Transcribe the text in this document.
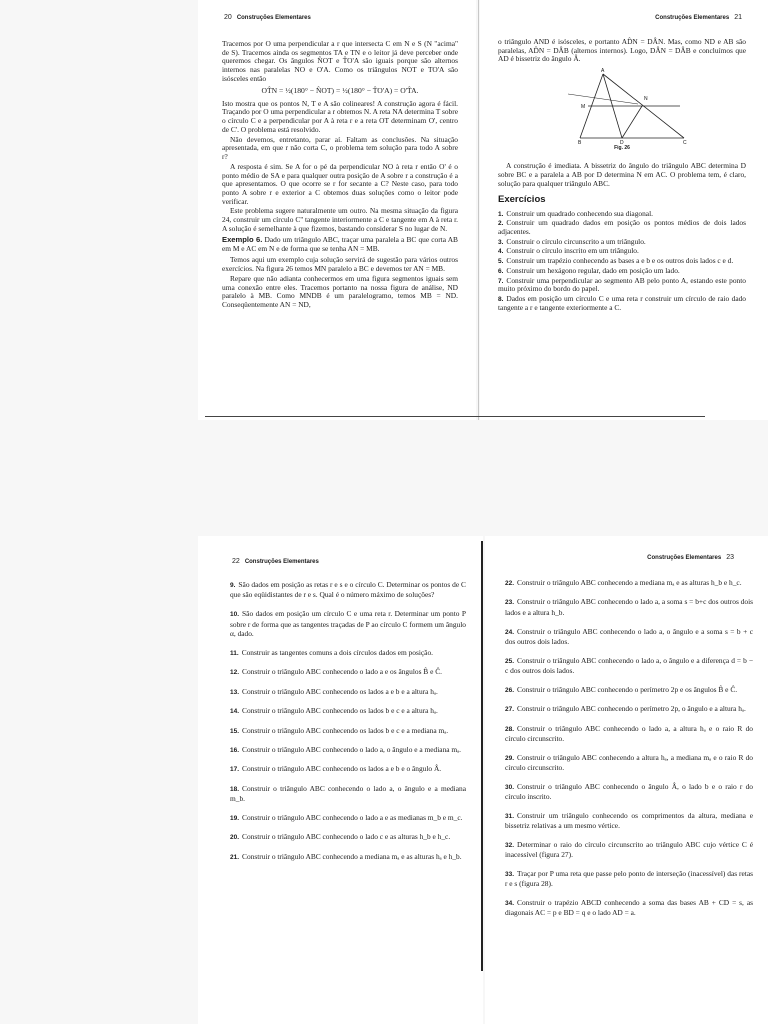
20 Construções Elementares

Tracemos por O uma perpendicular a r que intersecta C em N e S (N "acima" de S). Tracemos ainda os segmentos TA e TN e o leitor já deve perceber onde queremos chegar. Os ângulos N̂OT e T̂O'A são iguais porque são alternos internos nas paralelas NO e O'A. Como os triângulos NOT e TO'A são isósceles então

OT̂N = ½(180° − N̂OT) = ½(180° − T̂O'A) = O'T̂A.

Isto mostra que os pontos N, T e A são colineares! A construção agora é fácil. Traçando por O uma perpendicular a r obtemos N. A reta NA determina T sobre o círculo C e a perpendicular por A à reta r e a reta OT determinam O', centro de C'. O problema está resolvido.

Não devemos, entretanto, parar aí. Faltam as conclusões. Na situação apresentada, em que r não corta C, o problema tem solução para todo A sobre r?

A resposta é sim. Se A for o pé da perpendicular NO à reta r então O' é o ponto médio de SA e para qualquer outra posição de A sobre r a construção é a que apresentamos. O que ocorre se r for secante a C? Neste caso, para todo ponto A sobre r e exterior a C obtemos duas soluções como o leitor pode verificar.

Este problema sugere naturalmente um outro. Na mesma situação da figura 24, construir um círculo C'' tangente interiormente a C e tangente em A à reta r. A solução é semelhante à que fizemos, bastando considerar S no lugar de N.

Exemplo 6. Dado um triângulo ABC, traçar uma paralela a BC que corta AB em M e AC em N e de forma que se tenha AN = MB.

Temos aqui um exemplo cuja solução servirá de sugestão para vários outros exercícios. Na figura 26 temos MN paralelo a BC e devemos ter AN = MB.

Repare que não adianta conhecermos em uma figura segmentos iguais sem uma conexão entre eles. Tracemos portanto na nossa figura de análise, ND paralelo à MB. Como MNDB é um paralelogramo, temos MB = ND. Conseqüentemente AN = ND,

Construções Elementares 21

o triângulo AND é isósceles, e portanto AD̂N = DÂN. Mas, como ND e AB são paralelas, AD̂N = DÂB (alternos internos). Logo, DÂN = DÂB e concluímos que AD é bissetriz do ângulo Â.

A
M
N
B	D	C
Fig. 26

A construção é imediata. A bissetriz do ângulo do triângulo ABC determina D sobre BC e a paralela a AB por D determina N em AC. O problema tem, é claro, solução para qualquer triângulo ABC.

Exercícios

1. Construir um quadrado conhecendo sua diagonal.

2. Construir um quadrado dados em posição os pontos médios de dois lados adjacentes.

3. Construir o círculo circunscrito a um triângulo.

4. Construir o círculo inscrito em um triângulo.

5. Construir um trapézio conhecendo as bases a e b e os outros dois lados c e d.

6. Construir um hexágono regular, dado em posição um lado.

7. Construir uma perpendicular ao segmento AB pelo ponto A, estando este ponto muito próximo do bordo do papel.

8. Dados em posição um círculo C e uma reta r construir um círculo de raio dado tangente a r e tangente exteriormente a C.

22 Construções Elementares

9. São dados em posição as retas r e s e o círculo C. Determinar os pontos de C que são eqüidistantes de r e s. Qual é o número máximo de soluções?

10. São dados em posição um círculo C e uma reta r. Determinar um ponto P sobre r de forma que as tangentes traçadas de P ao círculo C formem um ângulo α, dado.

11. Construir as tangentes comuns a dois círculos dados em posição.

12. Construir o triângulo ABC conhecendo o lado a e os ângulos B̂ e Ĉ.

13. Construir o triângulo ABC conhecendo os lados a e b e a altura hₐ.

14. Construir o triângulo ABC conhecendo os lados b e c e a altura hₐ.

15. Construir o triângulo ABC conhecendo os lados b e c e a mediana mₐ.

16. Construir o triângulo ABC conhecendo o lado a, o ângulo e a mediana mₐ.

17. Construir o triângulo ABC conhecendo os lados a e b e o ângulo Â.

18. Construir o triângulo ABC conhecendo o lado a, o ângulo e a mediana m_b.

19. Construir o triângulo ABC conhecendo o lado a e as medianas m_b e m_c.

20. Construir o triângulo ABC conhecendo o lado c e as alturas h_b e h_c.

21. Construir o triângulo ABC conhecendo a mediana mₐ e as alturas hₐ e h_b.

Construções Elementares 23

22. Construir o triângulo ABC conhecendo a mediana mₐ e as alturas h_b e h_c.

23. Construir o triângulo ABC conhecendo o lado a, a soma s = b+c dos outros dois lados e a altura h_b.

24. Construir o triângulo ABC conhecendo o lado a, o ângulo e a soma s = b + c dos outros dois lados.

25. Construir o triângulo ABC conhecendo o lado a, o ângulo e a diferença d = b − c dos outros dois lados.

26. Construir o triângulo ABC conhecendo o perímetro 2p e os ângulos B̂ e Ĉ.

27. Construir o triângulo ABC conhecendo o perímetro 2p, o ângulo e a altura hₐ.

28. Construir o triângulo ABC conhecendo o lado a, a altura hₐ e o raio R do círculo circunscrito.

29. Construir o triângulo ABC conhecendo a altura hₐ, a mediana mₐ e o raio R do círculo circunscrito.

30. Construir o triângulo ABC conhecendo o ângulo Â, o lado b e o raio r do círculo inscrito.

31. Construir um triângulo conhecendo os comprimentos da altura, mediana e bissetriz relativas a um mesmo vértice.

32. Determinar o raio do círculo circunscrito ao triângulo ABC cujo vértice C é inacessível (figura 27).

33. Traçar por P uma reta que passe pelo ponto de interseção (inacessível) das retas r e s (figura 28).

34. Construir o trapézio ABCD conhecendo a soma das bases AB + CD = s, as diagonais AC = p e BD = q e o lado AD = a.
